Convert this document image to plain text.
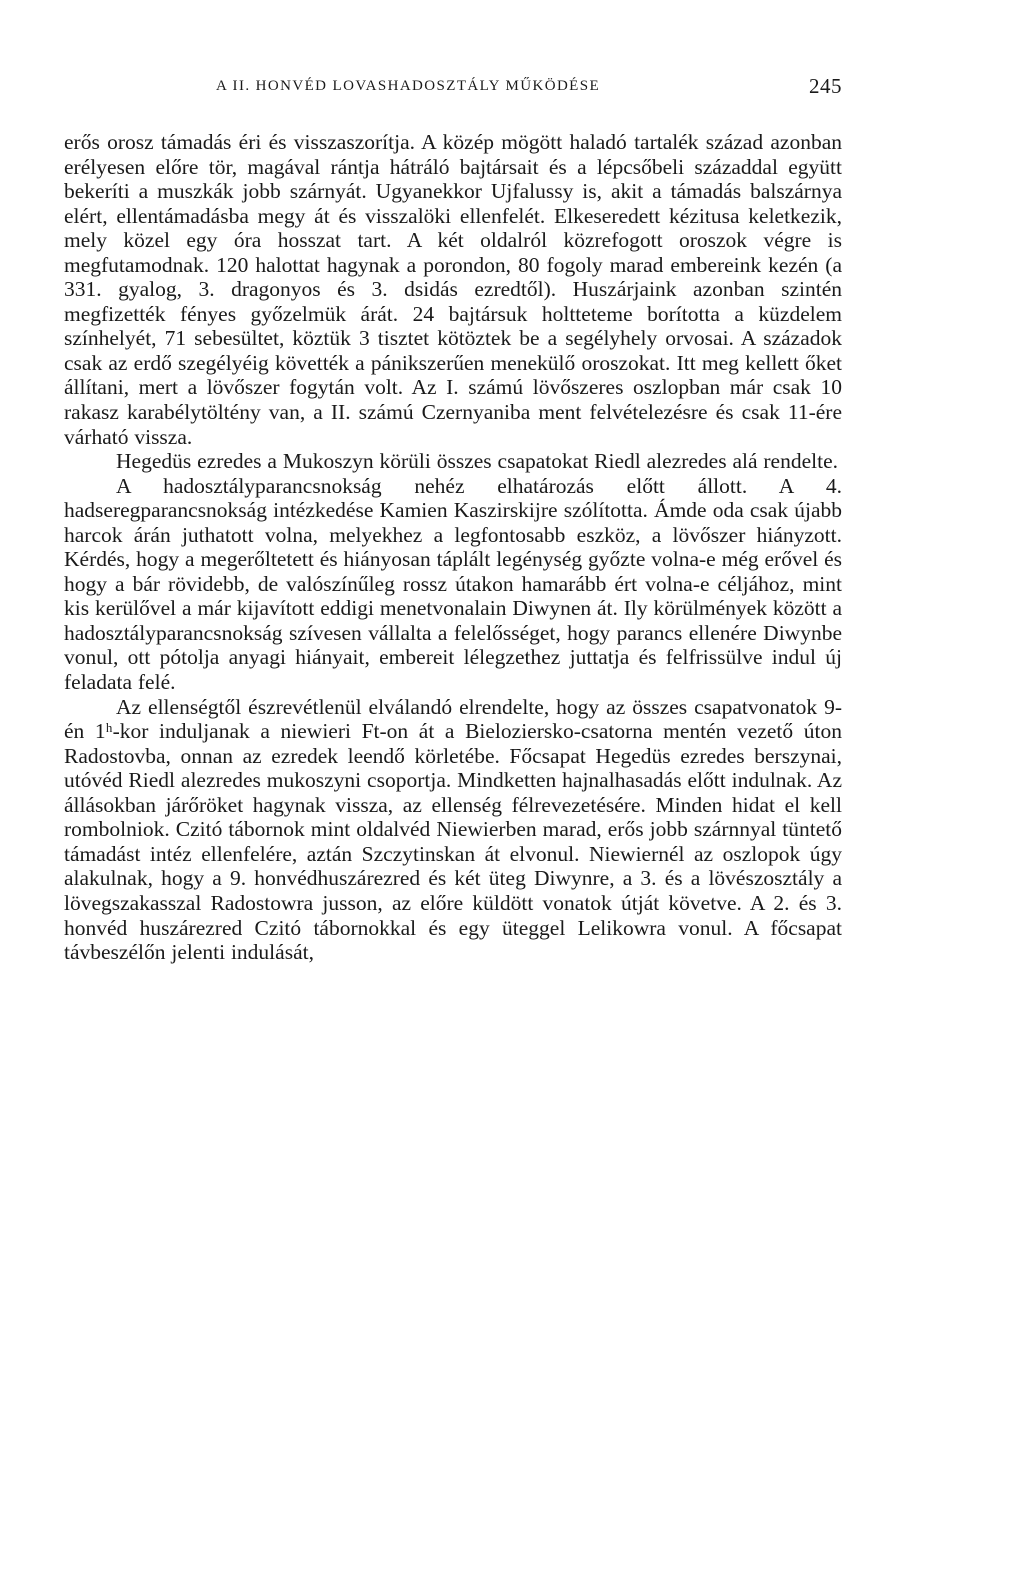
A II. HONVÉD LOVASHADOSZTÁLY MŰKÖDÉSE	245

erős orosz támadás éri és visszaszorítja. A közép mögött haladó tartalék század azonban erélyesen előre tör, magával rántja hátráló bajtársait és a lépcsőbeli századdal együtt bekeríti a muszkák jobb szárnyát. Ugyanekkor Ujfalussy is, akit a támadás balszárnya elért, ellentámadásba megy át és visszalöki ellenfelét. Elkeseredett kézitusa keletkezik, mely közel egy óra hosszat tart. A két oldalról közrefogott oroszok végre is megfutamodnak. 120 halottat hagynak a porondon, 80 fogoly marad embereink kezén (a 331. gyalog, 3. dragonyos és 3. dsidás ezredtől). Huszárjaink azonban szintén megfizették fényes győzelmük árát. 24 bajtársuk holtteteme borította a küzdelem színhelyét, 71 sebesültet, köztük 3 tisztet kötöztek be a segélyhely orvosai. A századok csak az erdő szegélyéig követték a pánikszerűen menekülő oroszokat. Itt meg kellett őket állítani, mert a lövőszer fogytán volt. Az I. számú lövőszeres oszlopban már csak 10 rakasz karabélytöltény van, a II. számú Czernyaniba ment felvételezésre és csak 11-ére várható vissza.

Hegedüs ezredes a Mukoszyn körüli összes csapatokat Riedl alezredes alá rendelte.

A hadosztályparancsnokság nehéz elhatározás előtt állott. A 4. hadseregparancsnokság intézkedése Kamien Kaszirskijre szólította. Ámde oda csak újabb harcok árán juthatott volna, melyekhez a legfontosabb eszköz, a lövőszer hiányzott. Kérdés, hogy a megerőltetett és hiányosan táplált legénység győzte volna-e még erővel és hogy a bár rövidebb, de valószínűleg rossz útakon hamarább ért volna-e céljához, mint kis kerülővel a már kijavított eddigi menetvonalain Diwynen át. Ily körülmények között a hadosztályparancsnokság szívesen vállalta a felelősséget, hogy parancs ellenére Diwynbe vonul, ott pótolja anyagi hiányait, embereit lélegzethez juttatja és felfrissülve indul új feladata felé.

Az ellenségtől észrevétlenül elválandó elrendelte, hogy az összes csapatvonatok 9-én 1ʰ-kor induljanak a niewieri Ft-on át a Bieloziersko-csatorna mentén vezető úton Radostovba, onnan az ezredek leendő körletébe. Főcsapat Hegedüs ezredes berszynai, utóvéd Riedl alezredes mukoszyni csoportja. Mindketten hajnalhasadás előtt indulnak. Az állásokban járőröket hagynak vissza, az ellenség félrevezetésére. Minden hidat el kell rombolniok. Czitó tábornok mint oldalvéd Niewierben marad, erős jobb szárnnyal tüntető támadást intéz ellenfelére, aztán Szczytinskan át elvonul. Niewiernél az oszlopok úgy alakulnak, hogy a 9. honvédhuszárezred és két üteg Diwynre, a 3. és a lövészosztály a lövegszakasszal Radostowra jusson, az előre küldött vonatok útját követve. A 2. és 3. honvéd huszárezred Czitó tábornokkal és egy üteggel Lelikowra vonul. A főcsapat távbeszélőn jelenti indulását,
